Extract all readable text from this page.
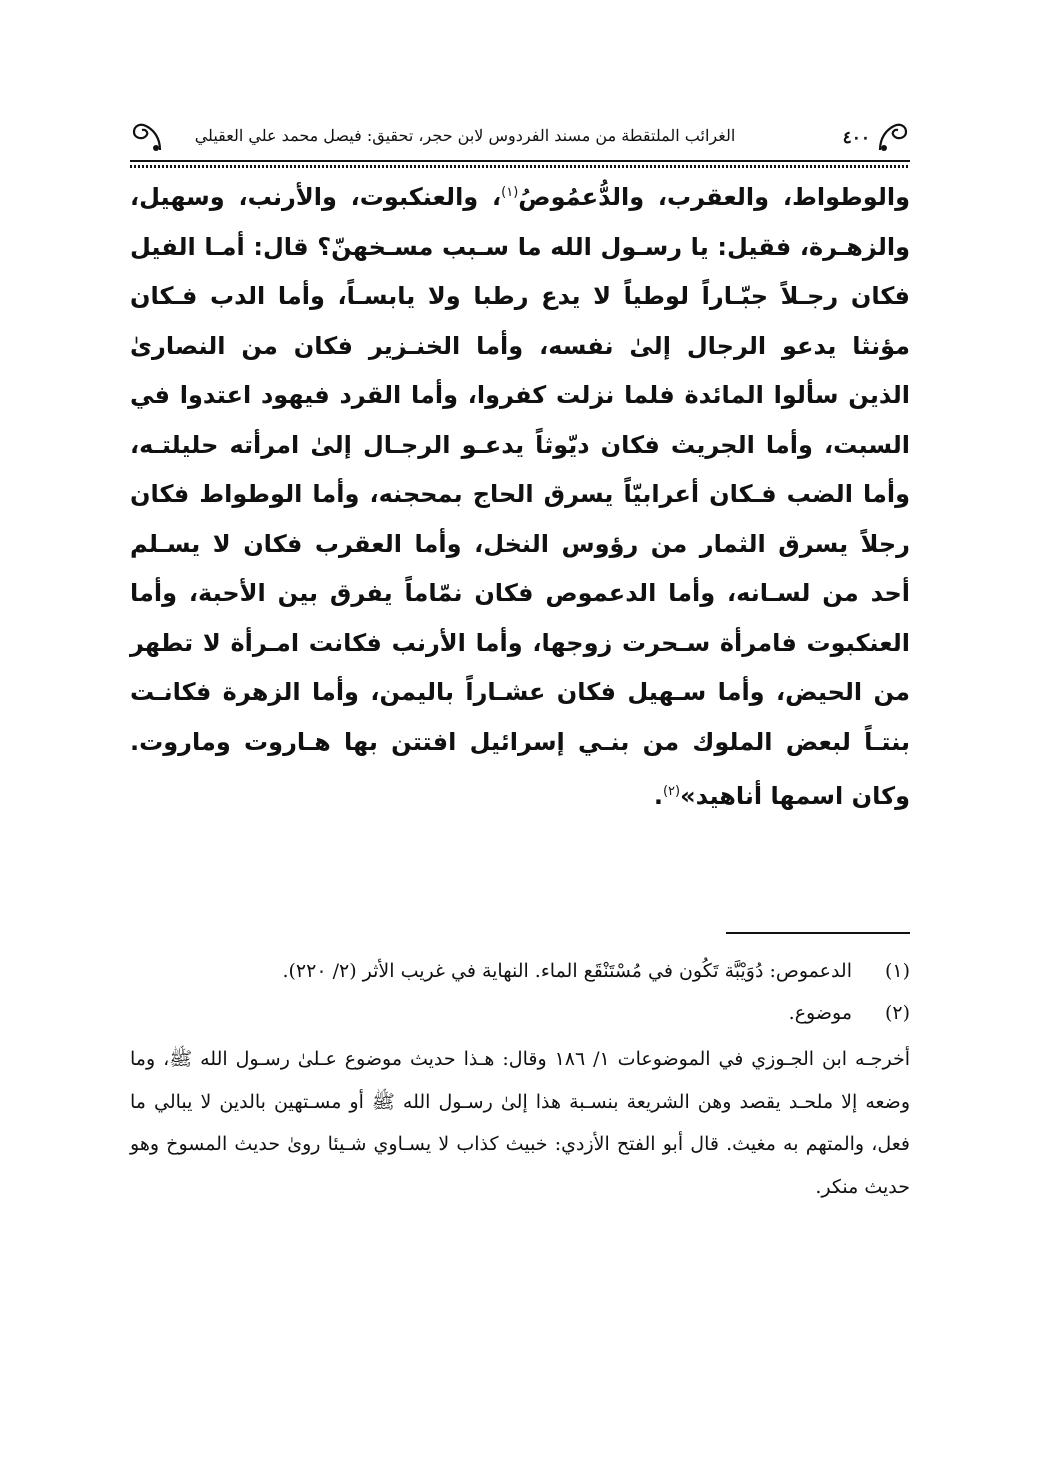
٤٠٠
الغرائب الملتقطة من مسند الفردوس لابن حجر، تحقيق: فيصل محمد علي العقيلي

والوطواط، والعقرب، والدُّعمُوصُ$^{(١)}$، والعنكبوت، والأرنب، وسهيل، والزهـرة، فقيل: يا رسـول الله ما سـبب مسـخهنّ؟ قال: أمـا الفيل فكان رجـلاً جبّـاراً لوطياً لا يدع رطبا ولا يابسـاً، وأما الدب فـكان مؤنثا يدعو الرجال إلىٰ نفسه، وأما الخنـزير فكان من النصارىٰ الذين سألوا المائدة فلما نزلت كفروا، وأما القرد فيهود اعتدوا في السبت، وأما الجريث فكان ديّوثاً يدعـو الرجـال إلىٰ امرأته حليلتـه، وأما الضب فـكان أعرابيّاً يسرق الحاج بمحجنه، وأما الوطواط فكان رجلاً يسرق الثمار من رؤوس النخل، وأما العقرب فكان لا يسـلم أحد من لسـانه، وأما الدعموص فكان نمّاماً يفرق بين الأحبة، وأما العنكبوت فامرأة سـحرت زوجها، وأما الأرنب فكانت امـرأة لا تطهر من الحيض، وأما سـهيل فكان عشـاراً باليمن، وأما الزهرة فكانـت بنتـاً لبعض الملوك من بنـي إسرائيل افتتن بها هـاروت وماروت. وكان اسمها أناهيد»$^{(٢)}$.

(١)
الدعموص: دُوَيْبَّة تَكُون في مُسْتَنْقَع الماء. النهاية في غريب الأثر (٢/ ٢٢٠).
(٢)
موضوع.
أخرجـه ابن الجـوزي في الموضوعات ١/ ١٨٦ وقال: هـذا حديث موضوع عـلىٰ رسـول الله ﷺ، وما وضعه إلا ملحـد يقصد وهن الشريعة بنسـبة هذا إلىٰ رسـول الله ﷺ أو مسـتهين بالدين لا يبالي ما فعل، والمتهم به مغيث. قال أبو الفتح الأزدي: خبيث كذاب لا يسـاوي شـيئا روىٰ حديث المسوخ وهو حديث منكر.
